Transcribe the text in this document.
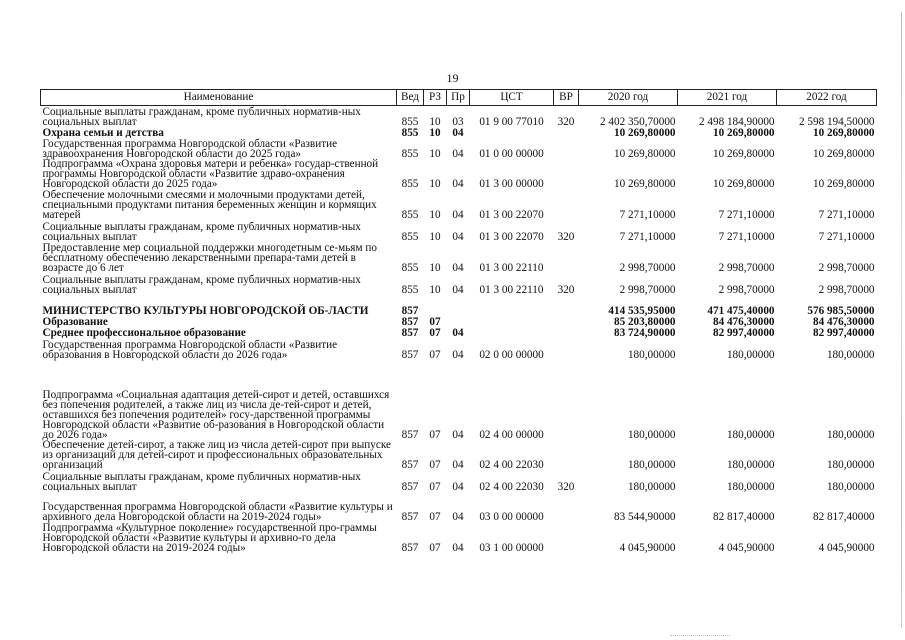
19
Наименование	Вед	РЗ	Пр	ЦСТ	ВР	2020 год	2021 год	2022 год
Социальные выплаты гражданам, кроме публичных норматив-ных социальных выплат	855	10	03	01 9 00 77010	320	2 402 350,70000	2 498 184,90000	2 598 194,50000
Охрана семьи и детства	855	10	04			10 269,80000	10 269,80000	10 269,80000
Государственная программа Новгородской области «Развитие здравоохранения Новгородской области до 2025 года»	855	10	04	01 0 00 00000		10 269,80000	10 269,80000	10 269,80000
Подпрограмма «Охрана здоровья матери и ребенка» государ-ственной программы Новгородской области «Развитие здраво-охранения Новгородской области до 2025 года»	855	10	04	01 3 00 00000		10 269,80000	10 269,80000	10 269,80000
Обеспечение молочными смесями и молочными продуктами детей, специальными продуктами питания беременных женщин и кормящих матерей	855	10	04	01 3 00 22070		7 271,10000	7 271,10000	7 271,10000
Социальные выплаты гражданам, кроме публичных норматив-ных социальных выплат	855	10	04	01 3 00 22070	320	7 271,10000	7 271,10000	7 271,10000
Предоставление мер социальной поддержки многодетным се-мьям по бесплатному обеспечению лекарственными препара-тами детей в возрасте до 6 лет	855	10	04	01 3 00 22110		2 998,70000	2 998,70000	2 998,70000
Социальные выплаты гражданам, кроме публичных норматив-ных социальных выплат	855	10	04	01 3 00 22110	320	2 998,70000	2 998,70000	2 998,70000
МИНИСТЕРСТВО КУЛЬТУРЫ НОВГОРОДСКОЙ ОБ-ЛАСТИ	857					414 535,95000	471 475,40000	576 985,50000
Образование	857	07				85 203,80000	84 476,30000	84 476,30000
Среднее профессиональное образование	857	07	04			83 724,90000	82 997,40000	82 997,40000
Государственная программа Новгородской области «Развитие образования в Новгородской области до 2026 года»	857	07	04	02 0 00 00000		180,00000	180,00000	180,00000
Подпрограмма «Социальная адаптация детей-сирот и детей, оставшихся без попечения родителей, а также лиц из числа де-тей-сирот и детей, оставшихся без попечения родителей» госу-дарственной программы Новгородской области «Развитие об-разования в Новгородской области до 2026 года»	857	07	04	02 4 00 00000		180,00000	180,00000	180,00000
Обеспечение детей-сирот, а также лиц из числа детей-сирот при выпуске из организаций для детей-сирот и профессиональных образовательных организаций	857	07	04	02 4 00 22030		180,00000	180,00000	180,00000
Социальные выплаты гражданам, кроме публичных норматив-ных социальных выплат	857	07	04	02 4 00 22030	320	180,00000	180,00000	180,00000
Государственная программа Новгородской области «Развитие культуры и архивного дела Новгородской области на 2019-2024 годы»	857	07	04	03 0 00 00000		83 544,90000	82 817,40000	82 817,40000
Подпрограмма «Культурное поколение» государственной про-граммы Новгородской области «Развитие культуры и архивно-го дела Новгородской области на 2019-2024 годы»	857	07	04	03 1 00 00000		4 045,90000	4 045,90000	4 045,90000
